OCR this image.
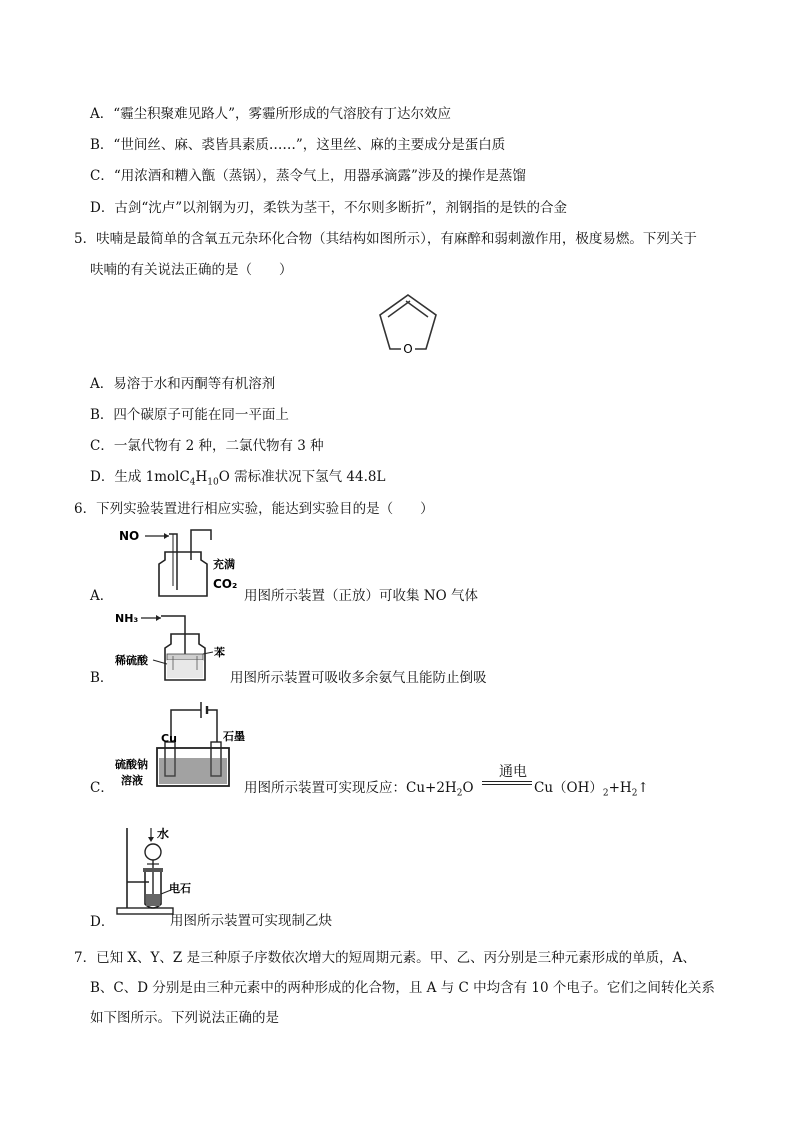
A．“霾尘积聚难见路人”，雾霾所形成的气溶胶有丁达尔效应
B．“世间丝、麻、裘皆具素质……”，这里丝、麻的主要成分是蛋白质
C．“用浓酒和糟入甑（蒸锅），蒸令气上，用器承滴露”涉及的操作是蒸馏
D．古剑“沈卢”以剂钢为刃，柔铁为茎干，不尔则多断折”，剂钢指的是铁的合金
5．呋喃是最简单的含氧五元杂环化合物（其结构如图所示），有麻醉和弱刺激作用，极度易燃。下列关于
呋喃的有关说法正确的是（　　）
O
A．易溶于水和丙酮等有机溶剂
B．四个碳原子可能在同一平面上
C．一氯代物有 2 种，二氯代物有 3 种
D．生成 $1molC_4H_{10}O$ 需标准状况下氢气 44.8L
6．下列实验装置进行相应实验，能达到实验目的是（　　）
NO
充满
CO₂
A．	用图所示装置（正放）可收集 NO 气体
NH₃
苯
稀硫酸
B．	用图所示装置可吸收多余氨气且能防止倒吸
Cu	石墨
硫酸钠
溶液
C．	用图所示装置可实现反应：$Cu+2H_2O$
通电
$Cu(OH)_2+H_2↑$
水
电石
D．	用图所示装置可实现制乙炔
7．已知 X、Y、Z 是三种原子序数依次增大的短周期元素。甲、乙、丙分别是三种元素形成的单质，A、
B、C、D 分别是由三种元素中的两种形成的化合物，且 A 与 C 中均含有 10 个电子。它们之间转化关系
如下图所示。下列说法正确的是
